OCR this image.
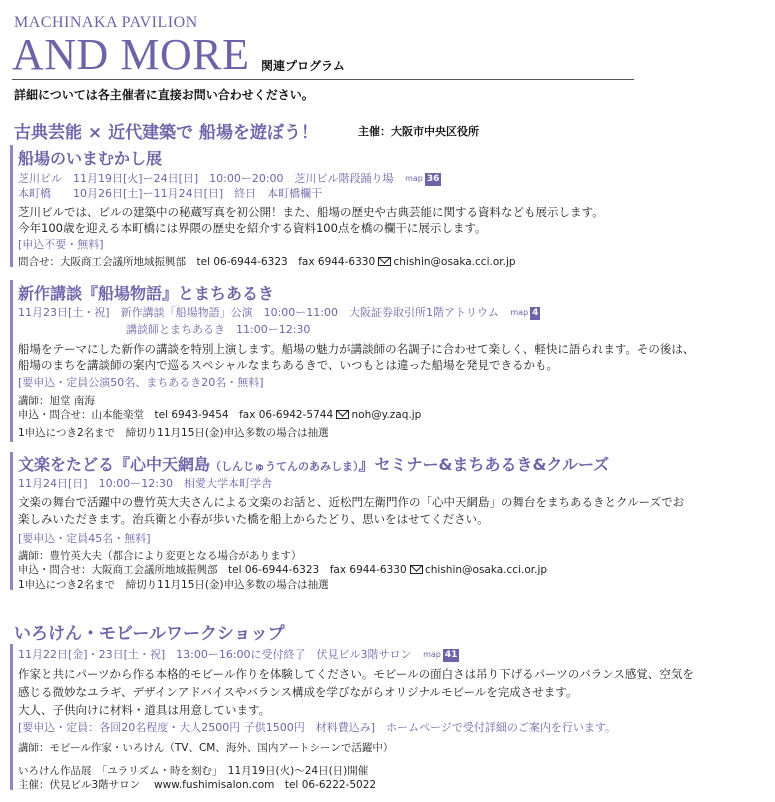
MACHINAKA PAVILION
AND MORE 関連プログラム
詳細については各主催者に直接お問い合わせください。
古典芸能 × 近代建築で 船場を遊ぼう！	主催：大阪市中央区役所
船場のいまむかし展
芝川ビル　11月19日[火]ー24日[日]　10:00ー20:00　芝川ビル階段踊り場 map 36
本町橋　　10月26日[土]ー11月24日[日]　終日　本町橋欄干
芝川ビルでは、ビルの建築中の秘蔵写真を初公開！また、船場の歴史や古典芸能に関する資料なども展示します。
今年100歳を迎える本町橋には界隈の歴史を紹介する資料100点を橋の欄干に展示します。
[申込不要・無料]
問合せ：大阪商工会議所地域振興部　tel 06-6944-6323　fax 6944-6330 chishin@osaka.cci.or.jp
新作講談『船場物語』とまちあるき
11月23日[土・祝]　新作講談「船場物語」公演　10:00ー11:00　大阪証券取引所1階アトリウム map 4
講談師とまちあるき　11:00ー12:30
船場をテーマにした新作の講談を特別上演します。船場の魅力が講談師の名調子に合わせて楽しく、軽快に語られます。その後は、
船場のまちを講談師の案内で巡るスペシャルなまちあるきで、いつもとは違った船場を発見できるかも。
[要申込・定員公演50名、まちあるき20名・無料]
講師：旭堂 南海
申込・問合せ：山本能楽堂　tel 6943-9454　fax 06-6942-5744 noh@y.zaq.jp
1申込につき2名まで　締切り11月15日(金)申込多数の場合は抽選
文楽をたどる『心中天網島（しんじゅうてんのあみしま）』セミナー&まちあるき&クルーズ
11月24日[日]　10:00ー12:30　相愛大学本町学舎
文楽の舞台で活躍中の豊竹英大夫さんによる文楽のお話と、近松門左衛門作の「心中天網島」の舞台をまちあるきとクルーズでお
楽しみいただきます。治兵衛と小春が歩いた橋を船上からたどり、思いをはせてください。
[要申込・定員45名・無料]
講師：豊竹英大夫（都合により変更となる場合があります）
申込・問合せ：大阪商工会議所地域振興部　tel 06-6944-6323　fax 6944-6330 chishin@osaka.cci.or.jp
1申込につき2名まで　締切り11月15日(金)申込多数の場合は抽選
いろけん・モビールワークショップ
11月22日[金]・23日[土・祝]　13:00ー16:00に受付終了　伏見ビル3階サロン map 41
作家と共にパーツから作る本格的モビール作りを体験してください。モビールの面白さは吊り下げるパーツのバランス感覚、空気を
感じる微妙なユラギ、デザインアドバイスやバランス構成を学びながらオリジナルモビールを完成させます。
大人、子供向けに材料・道具は用意しています。
[要申込・定員：各回20名程度・大人2500円 子供1500円　材料費込み]　ホームページで受付詳細のご案内を行います。
講師：モビール作家・いろけん（TV、CM、海外、国内アートシーンで活躍中）
いろけん作品展　「ユラリズム・時を刻む」　11月19日(火)～24日(日)開催
主催：伏見ビル3階サロン　 www.fushimisalon.com　tel 06-6222-5022
